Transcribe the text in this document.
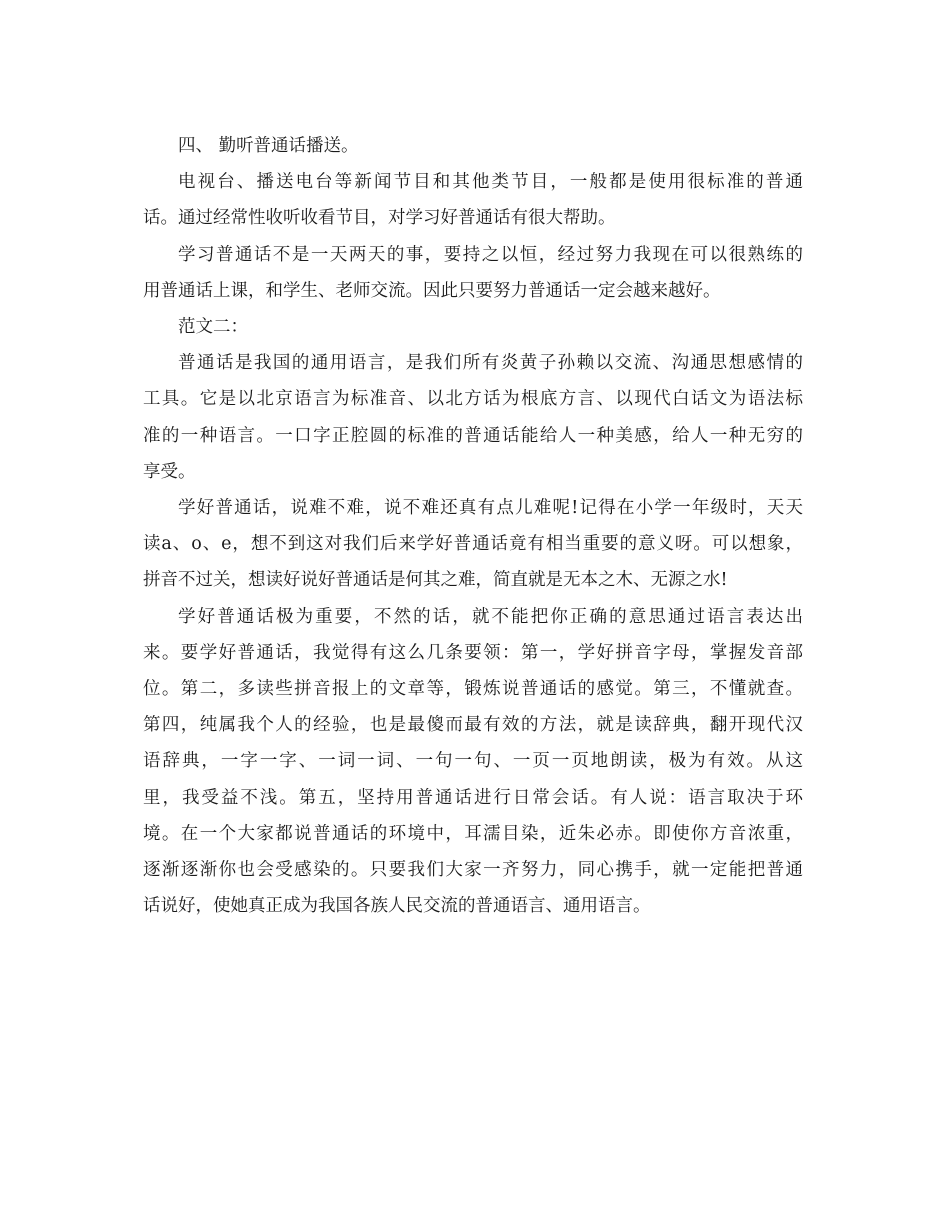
四、 勤听普通话播送。

电视台、播送电台等新闻节目和其他类节目，一般都是使用很标准的普通
话。通过经常性收听收看节目，对学习好普通话有很大帮助。

学习普通话不是一天两天的事，要持之以恒，经过努力我现在可以很熟练的
用普通话上课，和学生、老师交流。因此只要努力普通话一定会越来越好。

范文二：

普通话是我国的通用语言，是我们所有炎黄子孙赖以交流、沟通思想感情的
工具。它是以北京语言为标准音、以北方话为根底方言、以现代白话文为语法标
准的一种语言。一口字正腔圆的标准的普通话能给人一种美感，给人一种无穷的
享受。

学好普通话，说难不难，说不难还真有点儿难呢!记得在小学一年级时，天天
读a、o、e，想不到这对我们后来学好普通话竟有相当重要的意义呀。可以想象，
拼音不过关，想读好说好普通话是何其之难，简直就是无本之木、无源之水!

学好普通话极为重要，不然的话，就不能把你正确的意思通过语言表达出
来。要学好普通话，我觉得有这么几条要领：第一，学好拼音字母，掌握发音部
位。第二，多读些拼音报上的文章等，锻炼说普通话的感觉。第三，不懂就查。
第四，纯属我个人的经验，也是最傻而最有效的方法，就是读辞典，翻开现代汉
语辞典，一字一字、一词一词、一句一句、一页一页地朗读，极为有效。从这
里，我受益不浅。第五，坚持用普通话进行日常会话。有人说：语言取决于环
境。在一个大家都说普通话的环境中，耳濡目染，近朱必赤。即使你方音浓重，
逐渐逐渐你也会受感染的。只要我们大家一齐努力，同心携手，就一定能把普通
话说好，使她真正成为我国各族人民交流的普通语言、通用语言。
